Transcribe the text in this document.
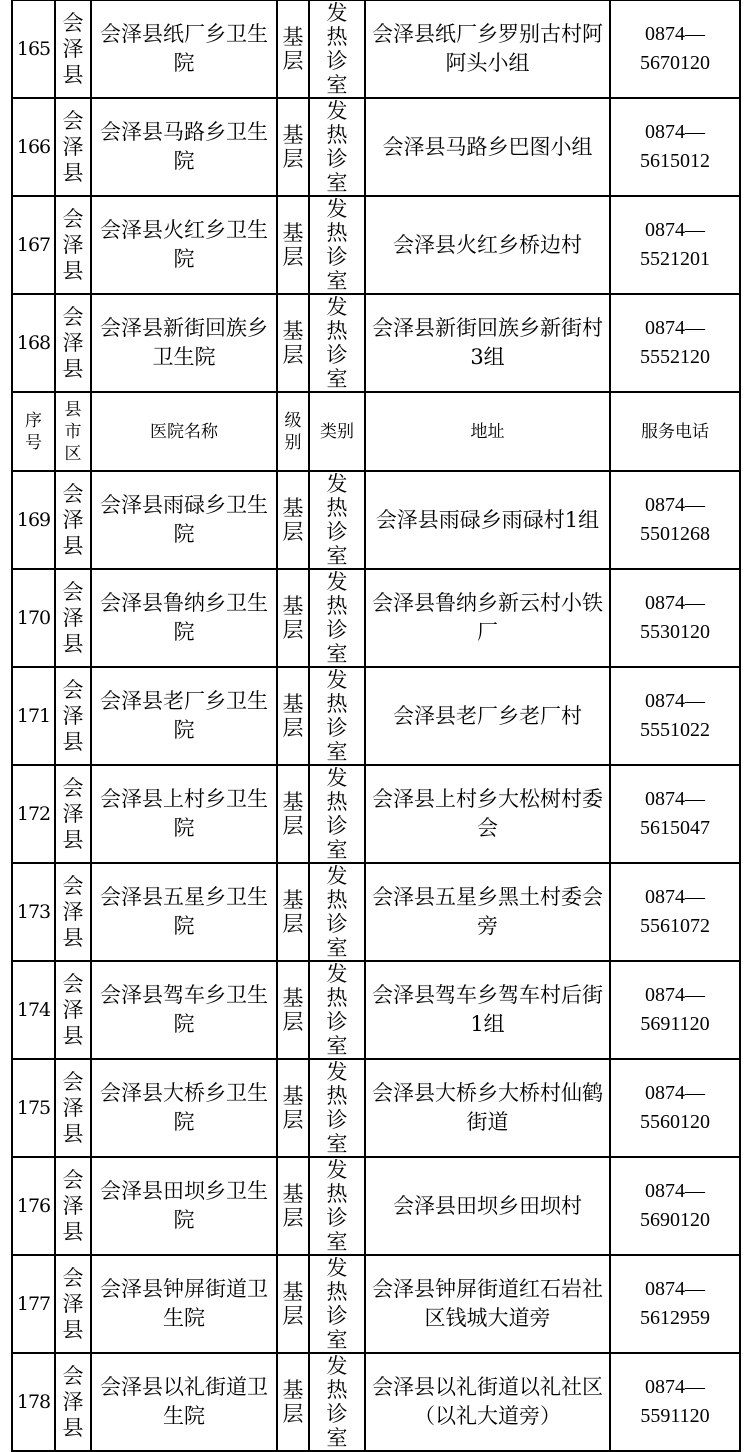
165	会泽县	会泽县纸厂乡卫生院	基层	发热诊室	会泽县纸厂乡罗别古村阿阿头小组	0874—
5670120
166	会泽县	会泽县马路乡卫生院	基层	发热诊室	会泽县马路乡巴图小组	0874—
5615012
167	会泽县	会泽县火红乡卫生院	基层	发热诊室	会泽县火红乡桥边村	0874—
5521201
168	会泽县	会泽县新街回族乡卫生院	基层	发热诊室	会泽县新街回族乡新街村3组	0874—
5552120
序号	县市区	医院名称	级别	类别	地址	服务电话
169	会泽县	会泽县雨碌乡卫生院	基层	发热诊室	会泽县雨碌乡雨碌村1组	0874—
5501268
170	会泽县	会泽县鲁纳乡卫生院	基层	发热诊室	会泽县鲁纳乡新云村小铁厂	0874—
5530120
171	会泽县	会泽县老厂乡卫生院	基层	发热诊室	会泽县老厂乡老厂村	0874—
5551022
172	会泽县	会泽县上村乡卫生院	基层	发热诊室	会泽县上村乡大松树村委会	0874—
5615047
173	会泽县	会泽县五星乡卫生院	基层	发热诊室	会泽县五星乡黑土村委会旁	0874—
5561072
174	会泽县	会泽县驾车乡卫生院	基层	发热诊室	会泽县驾车乡驾车村后街1组	0874—
5691120
175	会泽县	会泽县大桥乡卫生院	基层	发热诊室	会泽县大桥乡大桥村仙鹤街道	0874—
5560120
176	会泽县	会泽县田坝乡卫生院	基层	发热诊室	会泽县田坝乡田坝村	0874—
5690120
177	会泽县	会泽县钟屏街道卫生院	基层	发热诊室	会泽县钟屏街道红石岩社区钱城大道旁	0874—
5612959
178	会泽县	会泽县以礼街道卫生院	基层	发热诊室	会泽县以礼街道以礼社区（以礼大道旁）	0874—
5591120
